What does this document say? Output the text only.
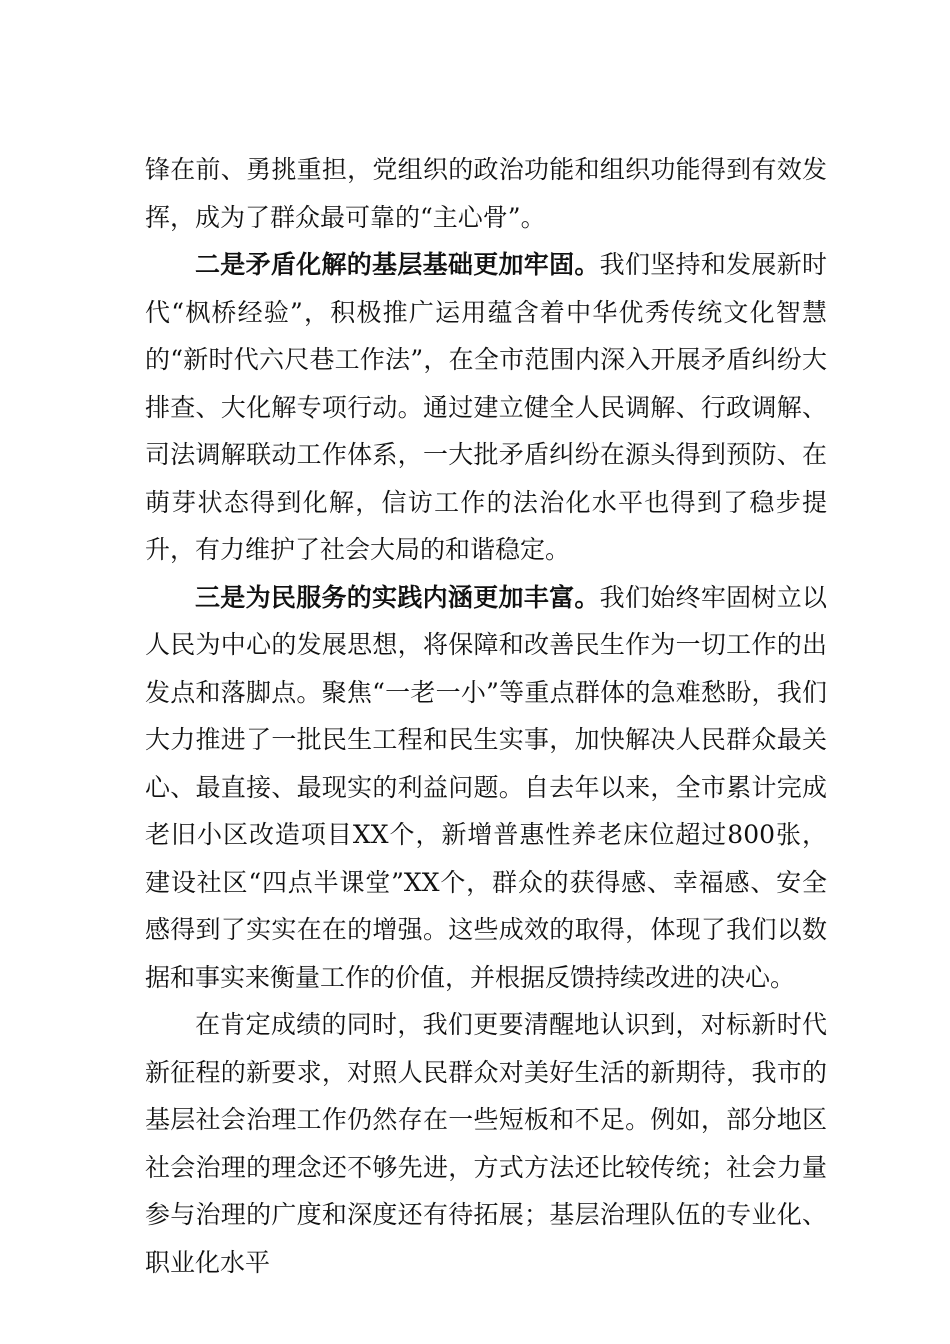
锋在前、勇挑重担，党组织的政治功能和组织功能得到有效发挥，成为了群众最可靠的“主心骨”。

二是矛盾化解的基层基础更加牢固。我们坚持和发展新时代“枫桥经验”，积极推广运用蕴含着中华优秀传统文化智慧的“新时代六尺巷工作法”，在全市范围内深入开展矛盾纠纷大排查、大化解专项行动。通过建立健全人民调解、行政调解、司法调解联动工作体系，一大批矛盾纠纷在源头得到预防、在萌芽状态得到化解，信访工作的法治化水平也得到了稳步提升，有力维护了社会大局的和谐稳定。

三是为民服务的实践内涵更加丰富。我们始终牢固树立以人民为中心的发展思想，将保障和改善民生作为一切工作的出发点和落脚点。聚焦“一老一小”等重点群体的急难愁盼，我们大力推进了一批民生工程和民生实事，加快解决人民群众最关心、最直接、最现实的利益问题。自去年以来，全市累计完成老旧小区改造项目XX个，新增普惠性养老床位超过800张，建设社区“四点半课堂”XX个，群众的获得感、幸福感、安全感得到了实实在在的增强。这些成效的取得，体现了我们以数据和事实来衡量工作的价值，并根据反馈持续改进的决心。

在肯定成绩的同时，我们更要清醒地认识到，对标新时代新征程的新要求，对照人民群众对美好生活的新期待，我市的基层社会治理工作仍然存在一些短板和不足。例如，部分地区社会治理的理念还不够先进，方式方法还比较传统；社会力量参与治理的广度和深度还有待拓展；基层治理队伍的专业化、职业化水平
